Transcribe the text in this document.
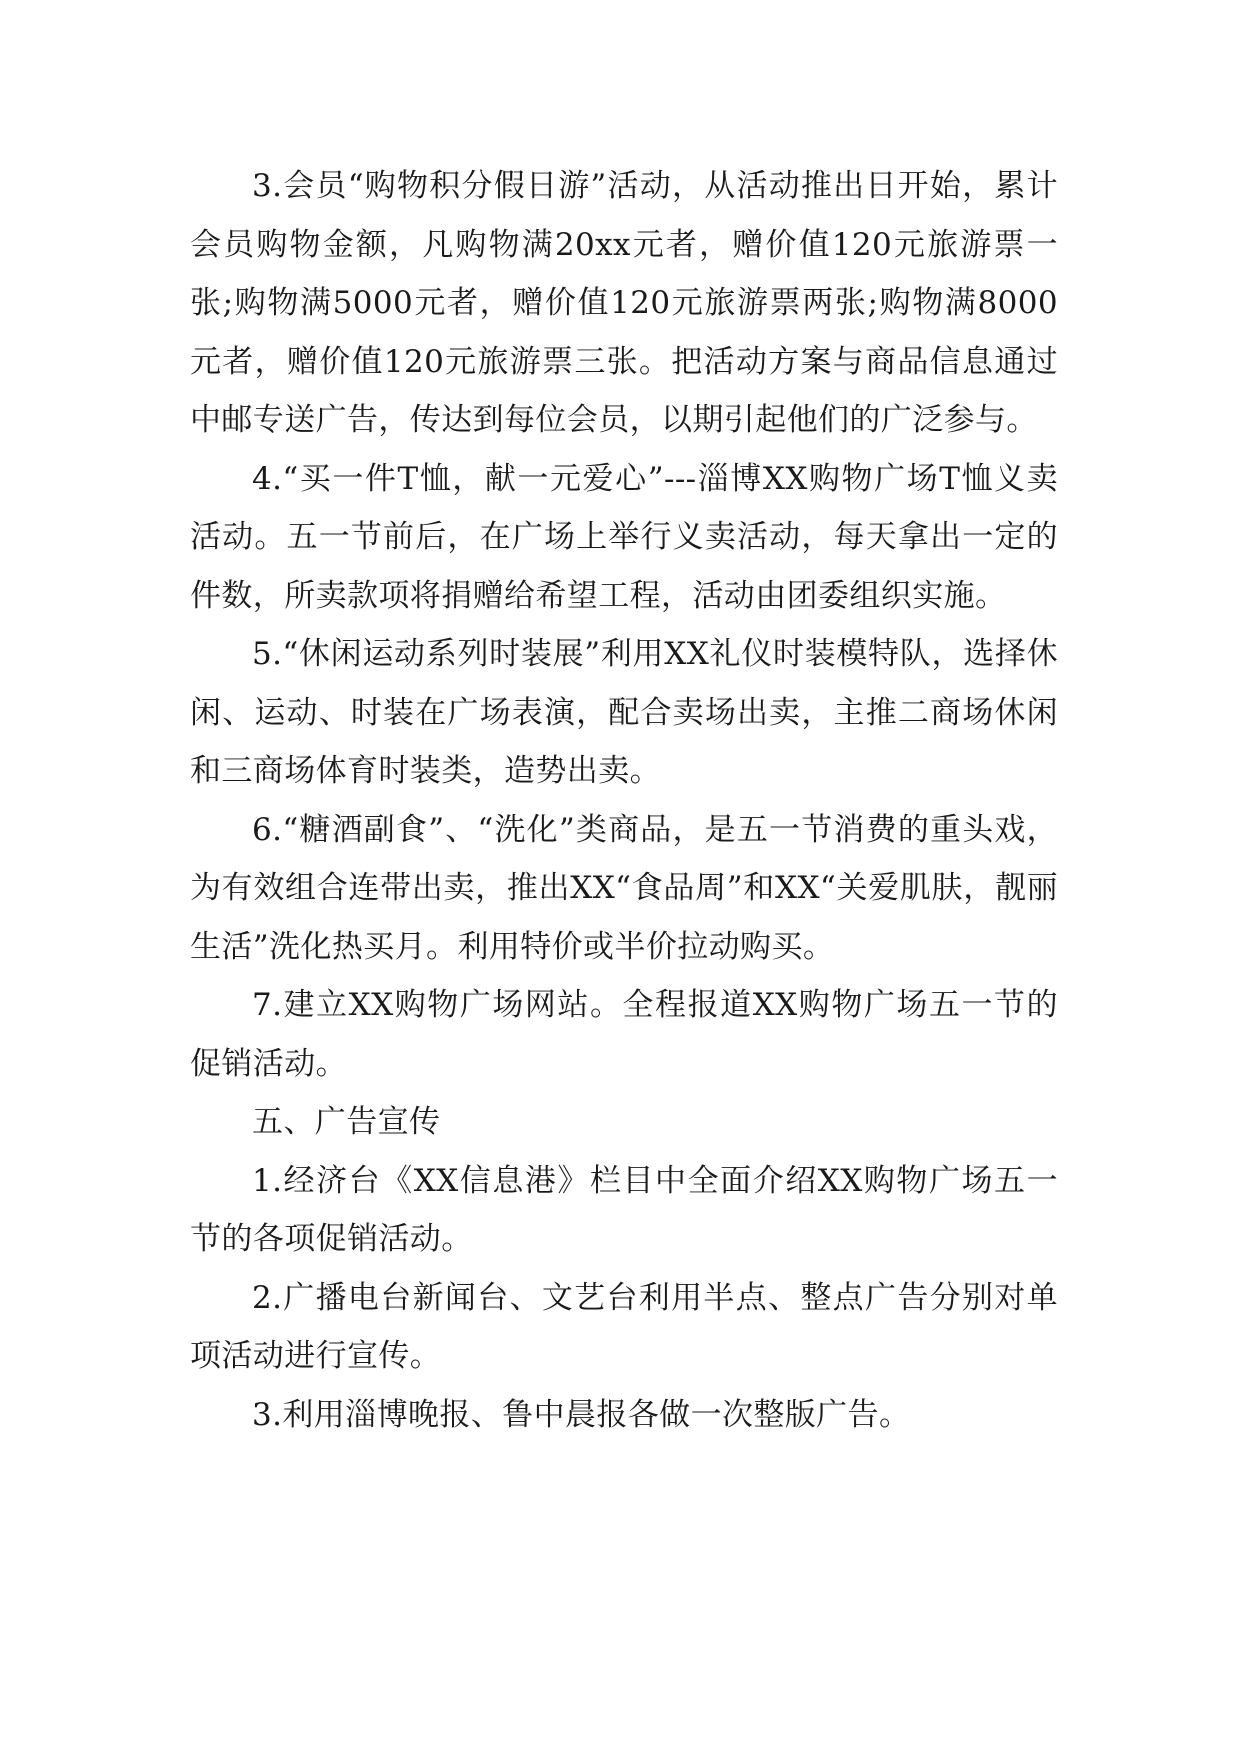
3.会员“购物积分假日游”活动，从活动推出日开始，累计会员购物金额，凡购物满20xx元者，赠价值120元旅游票一张;购物满5000元者，赠价值120元旅游票两张;购物满8000元者，赠价值120元旅游票三张。把活动方案与商品信息通过中邮专送广告，传达到每位会员，以期引起他们的广泛参与。

4.“买一件T恤，献一元爱心”---淄博XX购物广场T恤义卖活动。五一节前后，在广场上举行义卖活动，每天拿出一定的件数，所卖款项将捐赠给希望工程，活动由团委组织实施。

5.“休闲运动系列时装展”利用XX礼仪时装模特队，选择休闲、运动、时装在广场表演，配合卖场出卖，主推二商场休闲和三商场体育时装类，造势出卖。

6.“糖酒副食”、“洗化”类商品，是五一节消费的重头戏，为有效组合连带出卖，推出XX“食品周”和XX“关爱肌肤，靓丽生活”洗化热买月。利用特价或半价拉动购买。

7.建立XX购物广场网站。全程报道XX购物广场五一节的促销活动。

五、广告宣传

1.经济台《XX信息港》栏目中全面介绍XX购物广场五一节的各项促销活动。

2.广播电台新闻台、文艺台利用半点、整点广告分别对单项活动进行宣传。

3.利用淄博晚报、鲁中晨报各做一次整版广告。
